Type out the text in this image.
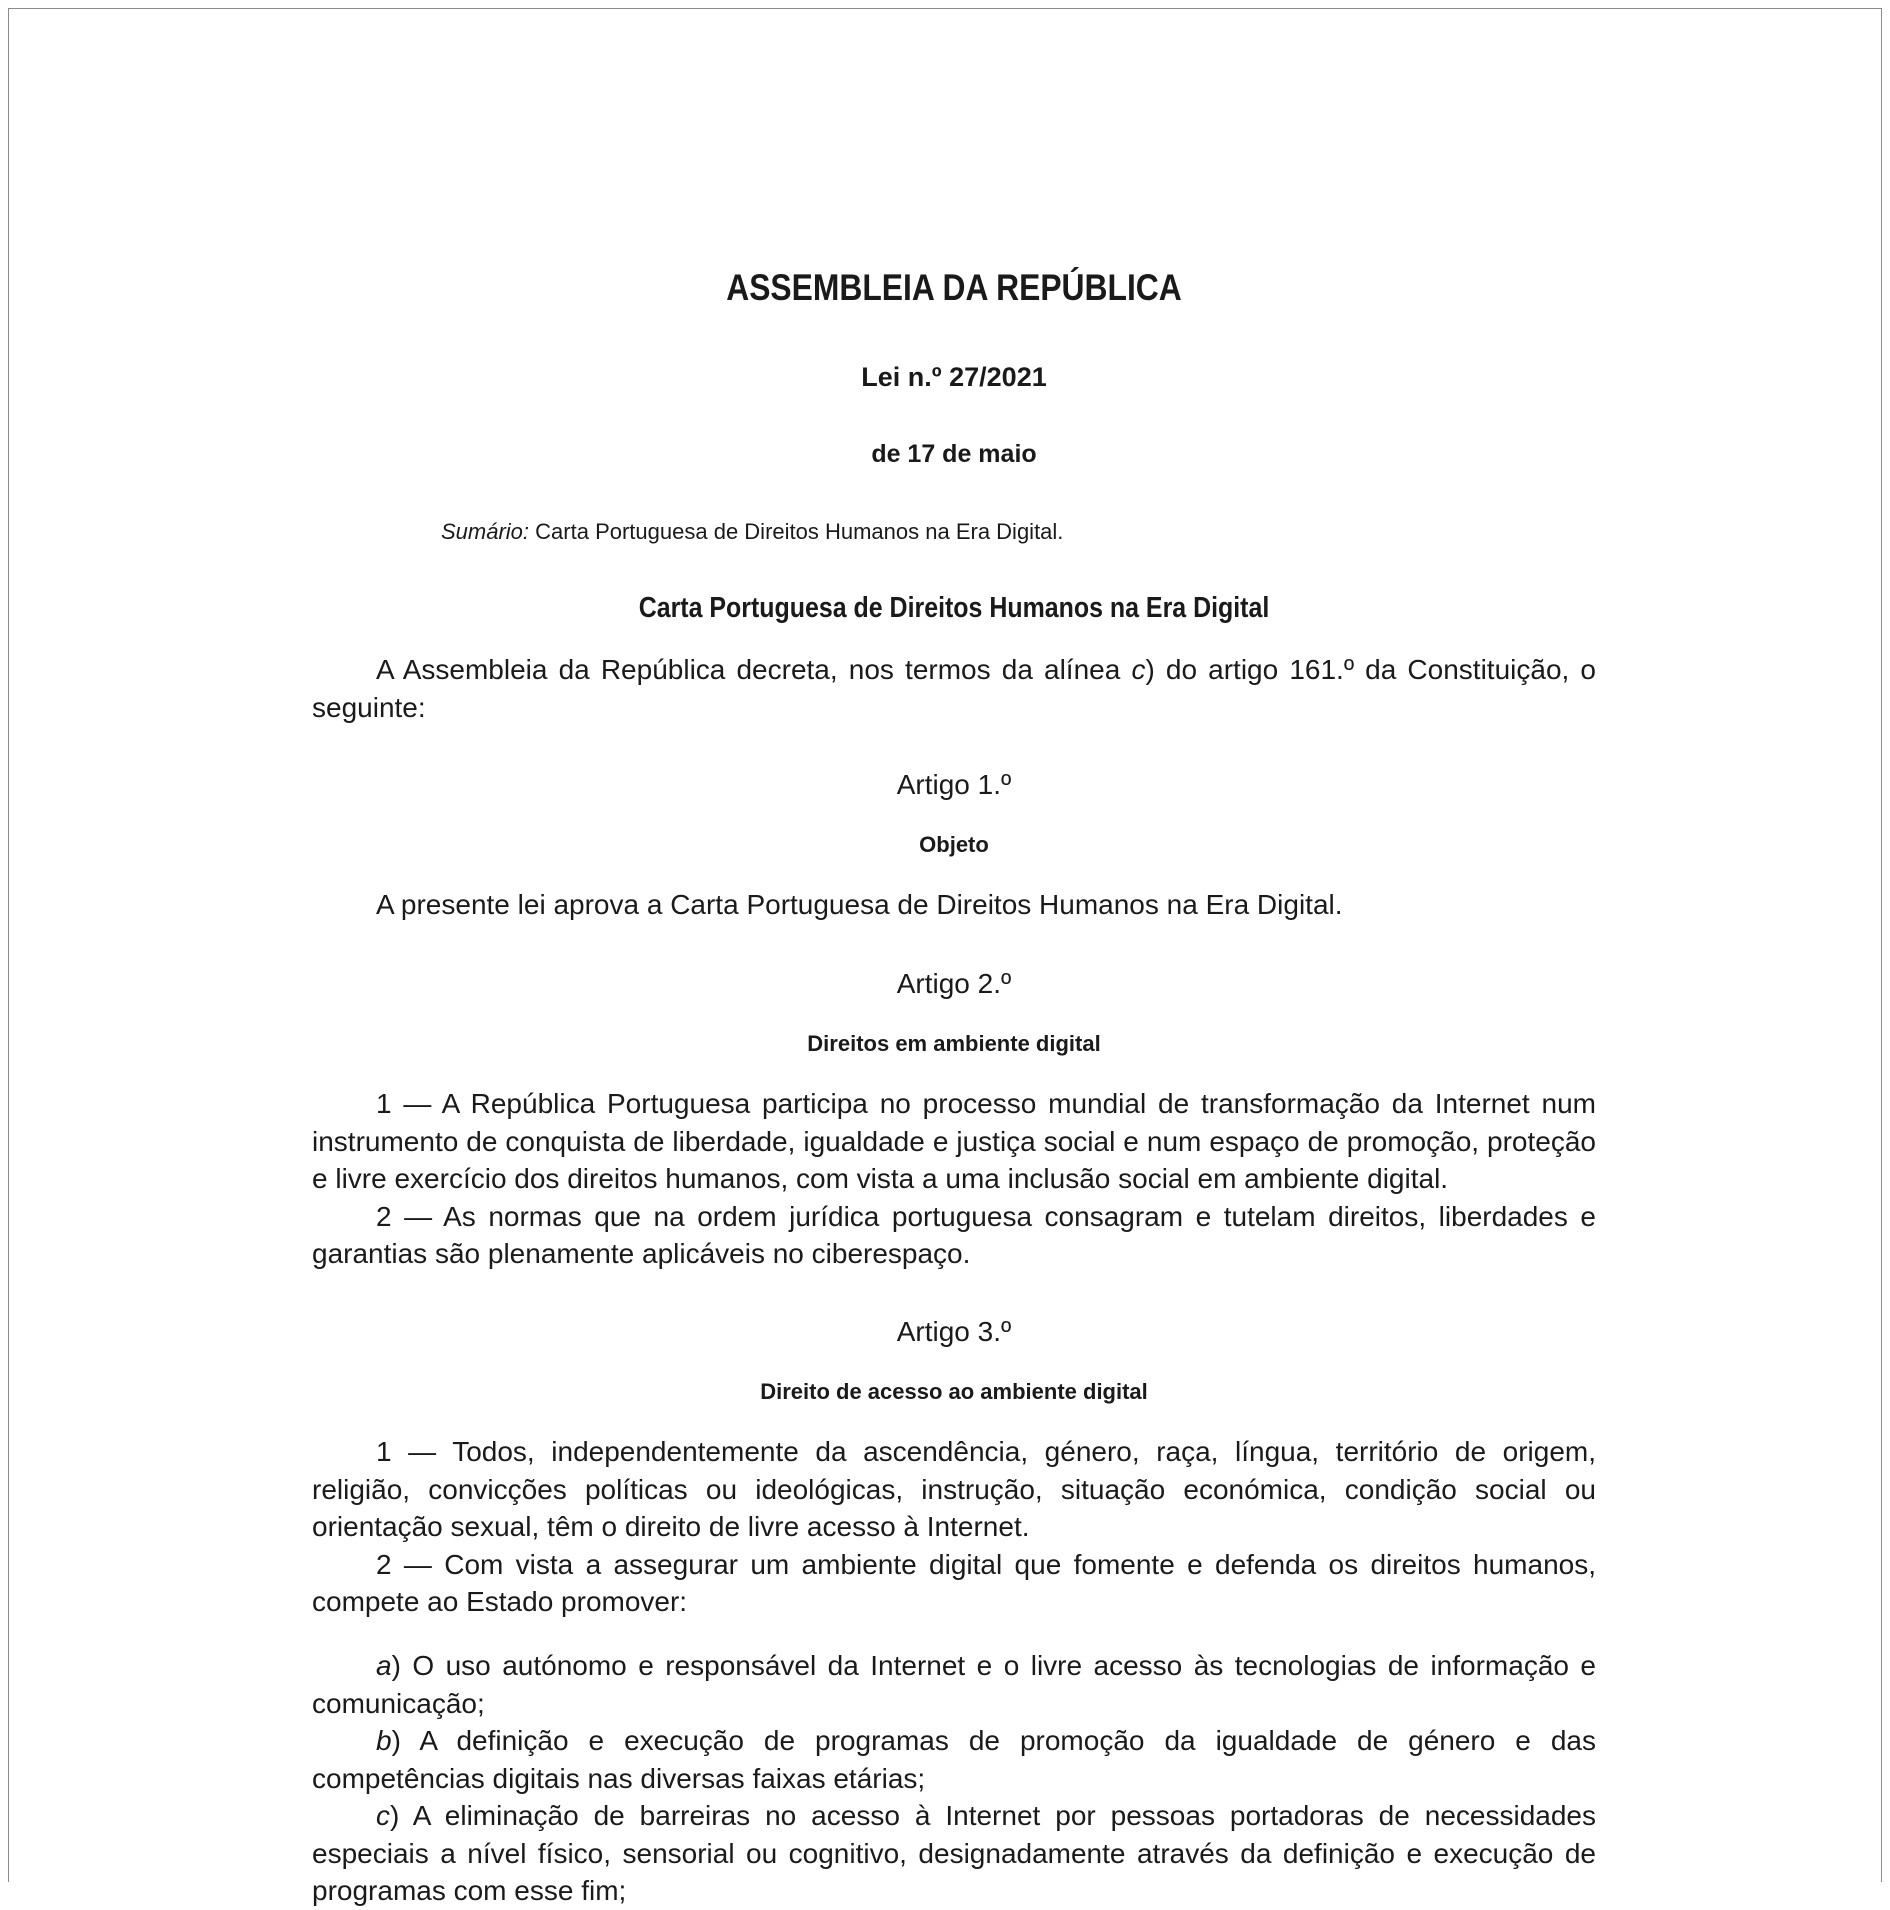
ASSEMBLEIA DA REPÚBLICA
Lei n.º 27/2021
de 17 de maio
Sumário: Carta Portuguesa de Direitos Humanos na Era Digital.
Carta Portuguesa de Direitos Humanos na Era Digital

A Assembleia da República decreta, nos termos da alínea c) do artigo 161.º da Constituição, o seguinte:

Artigo 1.º
Objeto

A presente lei aprova a Carta Portuguesa de Direitos Humanos na Era Digital.

Artigo 2.º
Direitos em ambiente digital

1 — A República Portuguesa participa no processo mundial de transformação da Internet num instrumento de conquista de liberdade, igualdade e justiça social e num espaço de promoção, proteção e livre exercício dos direitos humanos, com vista a uma inclusão social em ambiente digital.

2 — As normas que na ordem jurídica portuguesa consagram e tutelam direitos, liberdades e garantias são plenamente aplicáveis no ciberespaço.

Artigo 3.º
Direito de acesso ao ambiente digital

1 — Todos, independentemente da ascendência, género, raça, língua, território de origem, religião, convicções políticas ou ideológicas, instrução, situação económica, condição social ou orientação sexual, têm o direito de livre acesso à Internet.

2 — Com vista a assegurar um ambiente digital que fomente e defenda os direitos humanos, compete ao Estado promover:

a) O uso autónomo e responsável da Internet e o livre acesso às tecnologias de informação e comunicação;

b) A definição e execução de programas de promoção da igualdade de género e das competências digitais nas diversas faixas etárias;

c) A eliminação de barreiras no acesso à Internet por pessoas portadoras de necessidades especiais a nível físico, sensorial ou cognitivo, designadamente através da definição e execução de programas com esse fim;
